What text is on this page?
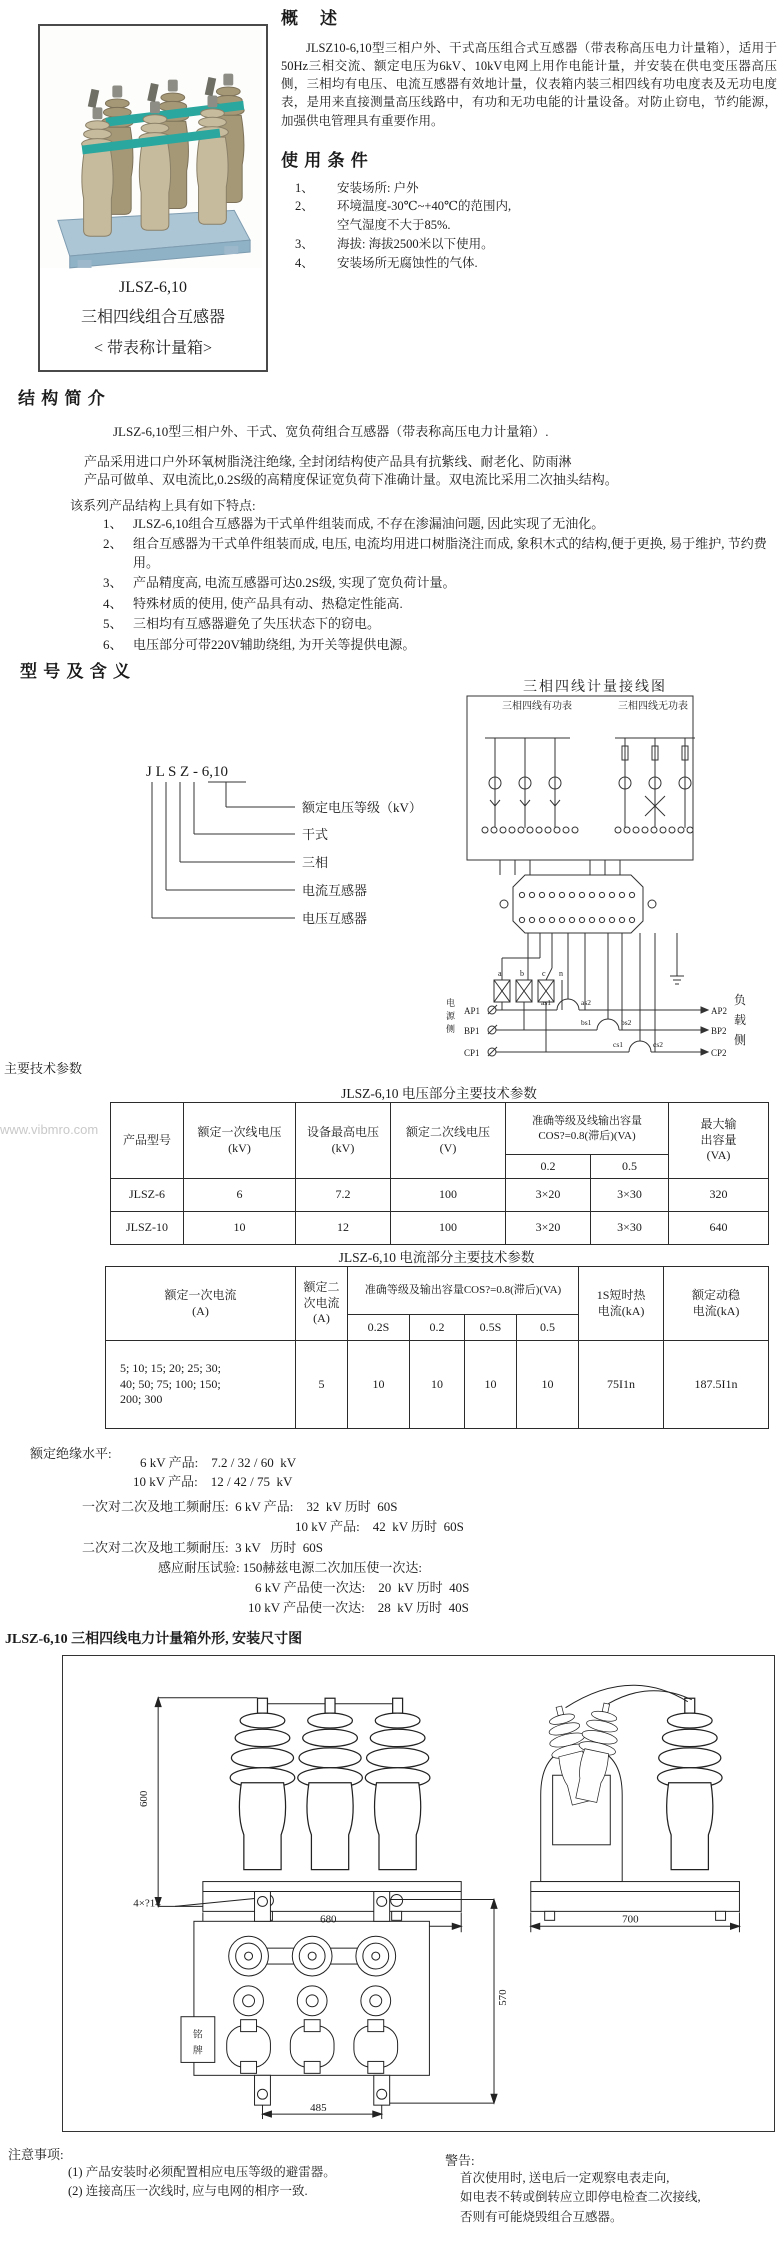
JLSZ-6,10
三相四线组合互感器
< 带表称计量箱>
概    述
JLSZ10-6,10型三相户外、干式高压组合式互感器（带表称高压电力计量箱），适用于50Hz三相交流、额定电压为6kV、10kV电网上用作电能计量，并安装在供电变压器高压侧，三相均有电压、电流互感器有效地计量，仪表箱内装三相四线有功电度表及无功电度表，是用来直接测量高压线路中，有功和无功电能的计量设备。对防止窃电，节约能源，加强供电管理具有重要作用。
使 用 条 件
1、	安装场所: 户外
2、	环境温度-30℃~+40℃的范围内,
空气湿度不大于85%.
3、	海拔: 海拔2500米以下使用。
4、	安装场所无腐蚀性的气体.
结 构 简 介
JLSZ-6,10型三相户外、干式、宽负荷组合互感器（带表称高压电力计量箱）.
产品采用进口户外环氧树脂浇注绝缘, 全封闭结构使产品具有抗紫线、耐老化、防雨淋
产品可做单、双电流比,0.2S级的高精度保证宽负荷下准确计量。双电流比采用二次抽头结构。
该系列产品结构上具有如下特点:
1、 JLSZ-6,10组合互感器为干式单件组装而成, 不存在渗漏油问题, 因此实现了无油化。
2、 组合互感器为干式单件组装而成, 电压, 电流均用进口树脂浇注而成, 象积木式的结构,便于更换, 易于维护, 节约费用。
3、 产品精度高, 电流互感器可达0.2S级, 实现了宽负荷计量。
4、 特殊材质的使用, 使产品具有动、热稳定性能高.
5、 三相均有互感器避免了失压状态下的窃电。
6、 电压部分可带220V辅助绕组, 为开关等提供电源。
型 号 及 含 义
J L S Z - 6,10
额定电压等级（kV）
干式
三相
电流互感器
电压互感器
三相四线计量接线图
三相四线有功表	三相四线无功表
a b c n
as1	as2
bs1	bs2
cs1	cs2
AP1
BP1
CP1
AP2
BP2
CP2
电
源
侧
负
载
侧
主要技术参数
www.vibmro.com
JLSZ-6,10 电压部分主要技术参数
产品型号	额定一次线电压
(kV)	设备最高电压
(kV)	额定二次线电压
(V)	准确等级及线输出容量
COS?=0.8(滞后)(VA)		最大输
出容量
(VA)
				0.2	0.5	
JLSZ-6	6	7.2	100	3×20	3×30	320
JLSZ-10	10	12	100	3×20	3×30	640
JLSZ-6,10 电流部分主要技术参数
额定一次电流
(A)	额定二
次电流
(A)	准确等级及输出容量COS?=0.8(滞后)(VA)				1S短时热
电流(kA)	额定动稳
电流(kA)
		0.2S	0.2	0.5S	0.5		
5; 10; 15; 20; 25; 30;
40; 50; 75; 100; 150;
200; 300	5	10	10	10	10	75I1n	187.5I1n
额定绝缘水平:
6 kV 产品:    7.2 / 32 / 60  kV
10 kV 产品:    12 / 42 / 75  kV
一次对二次及地工频耐压:  6 kV 产品:    32  kV 历时  60S
10 kV 产品:    42  kV 历时  60S
二次对二次及地工频耐压:  3 kV   历时  60S
感应耐压试验: 150赫兹电源二次加压使一次达:
6 kV 产品使一次达:    20  kV 历时  40S
10 kV 产品使一次达:    28  kV 历时  40S
JLSZ-6,10 三相四线电力计量箱外形, 安装尺寸图
600
680	700
4×?14
570
485
铭
牌
注意事项:
(1) 产品安装时必须配置相应电压等级的避雷器。
(2) 连接高压一次线时, 应与电网的相序一致.
警告:
首次使用时, 送电后一定观察电表走向,
如电表不转或倒转应立即停电检查二次接线,
否则有可能烧毁组合互感器。
